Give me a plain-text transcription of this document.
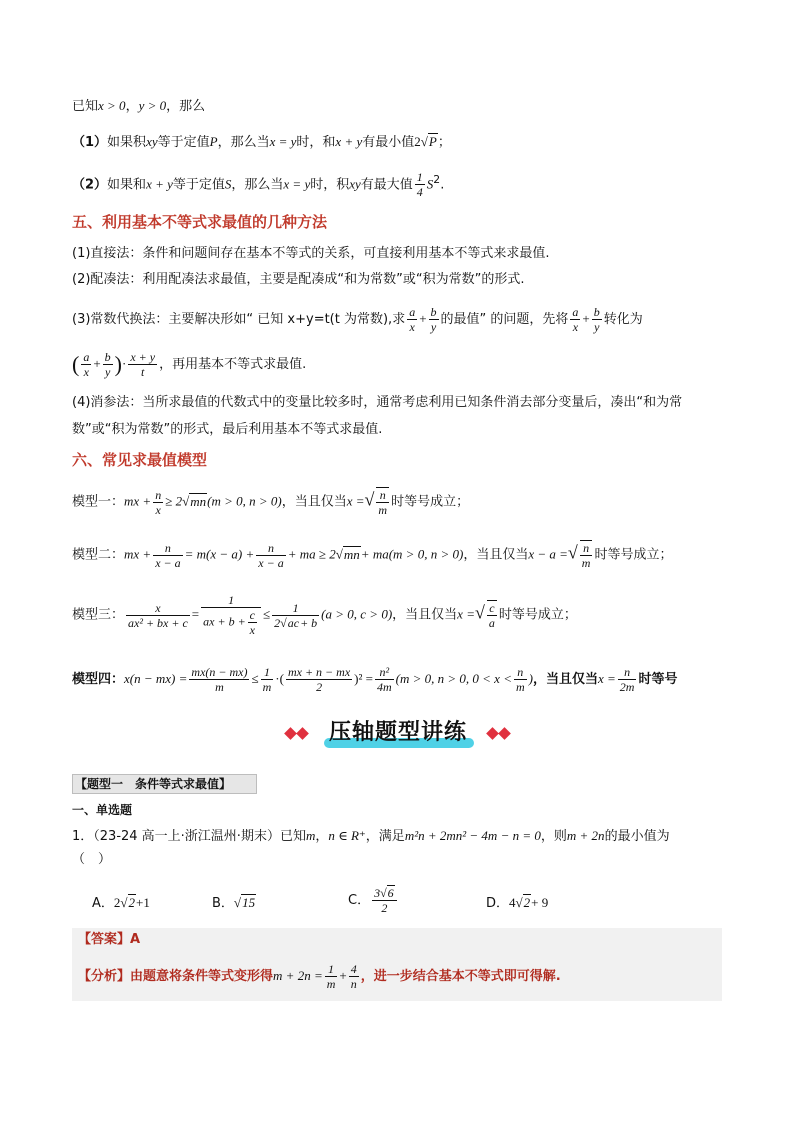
已知x > 0，y > 0，那么
（1）如果积xy等于定值P，那么当x = y时，和x + y有最小值2√P；
（2）如果和x + y等于定值S，那么当x = y时，积xy有最大值 $\frac{1}{4} S^2$.
五、利用基本不等式求最值的几种方法
(1)直接法：条件和问题间存在基本不等式的关系，可直接利用基本不等式来求最值.
(2)配凑法：利用配凑法求最值，主要是配凑成“和为常数”或“积为常数”的形式.
(3)常数代换法：主要解决形如“ 已知 x+y=t(t 为常数),求 $\frac{a}{x} + \frac{b}{y}$ 的最值” 的问题，先将 $\frac{a}{x} + \frac{b}{y}$ 转化为
( $\frac{a}{x} + \frac{b}{y}$ )· $\frac{x + y}{t}$ ，再用基本不等式求最值.
(4)消参法：当所求最值的代数式中的变量比较多时，通常考虑利用已知条件消去部分变量后，凑出“和为常
数”或“积为常数”的形式，最后利用基本不等式求最值.
六、常见求最值模型
模型一：mx + $\frac{n}{x} \ge 2√mn(m > 0$, n > 0)，当且仅当x =√ $\frac{n}{m}$ 时等号成立；
模型二：mx + $\frac{n}{x - a} = m(x - a) + \frac{n}{x - a}$ + ma ≥ 2√mn+ ma(m > 0, n > 0)，当且仅当x − a =√ $\frac{n}{m}$ 时等号成立；
模型三： $\frac{x}{\text{ax² + bx + c}} = \frac{1}{ax + b + \frac{c}{x}} \le \frac{1}{2√ac+ b} (a > 0$, c > 0)，当且仅当x =√ $\frac{c}{a}$ 时等号成立；
模型四：$x(n - mx) = \frac{mx(n - mx)}{m} \le \frac{1}{m}$ ·( $\frac{mx + n - mx}{2} )^2 = \frac{\text{n²}}{4m} (m > 0$, n > 0, $0 < x < \frac{n}{m}$ )，当且仅当$x = \frac{n}{2m}$ 时等号
压轴题型讲练
【题型一　条件等式求最值】
一、单选题
1．（23-24 高一上·浙江温州·期末）已知m，n ∈ R⁺，满足m²n + 2mn² − 4m − n = 0，则m + 2n的最小值为
（　）
A．2√2+1	B．√15	C． $\frac{3√6}{2}$	D．4√2+ 9
【答案】A
【分析】由题意将条件等式变形得$m + 2n = \frac{1}{m} + \frac{4}{n}$ ，进一步结合基本不等式即可得解.
